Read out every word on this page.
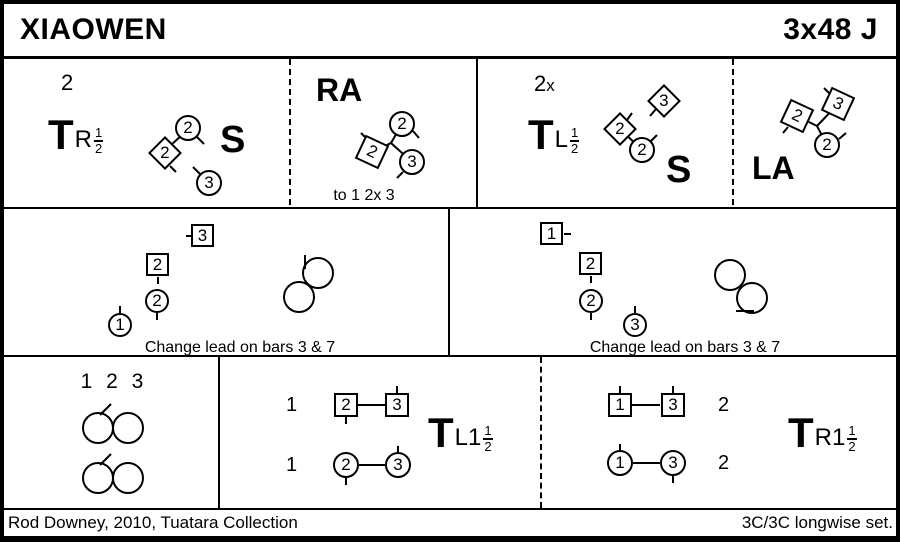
XIAOWEN	3x48 J
2
T R $\frac{1}{2}$	2
2
3
S
RA
2
2
3
to 1 2x 3
2x
T L $\frac{1}{2} 2$
2
3
S
2
3
2
LA
3
2
2
1
Change lead on bars 3 & 7
1
2
2
3
Change lead on bars 3 & 7
1 2 3
1	2 3
1	2	3
T $L1 \frac{1}{2}$
1	3 2
1	3 2
T $R1 \frac{1}{2}$
Rod Downey, 2010, Tuatara Collection	3C/3C longwise set.
